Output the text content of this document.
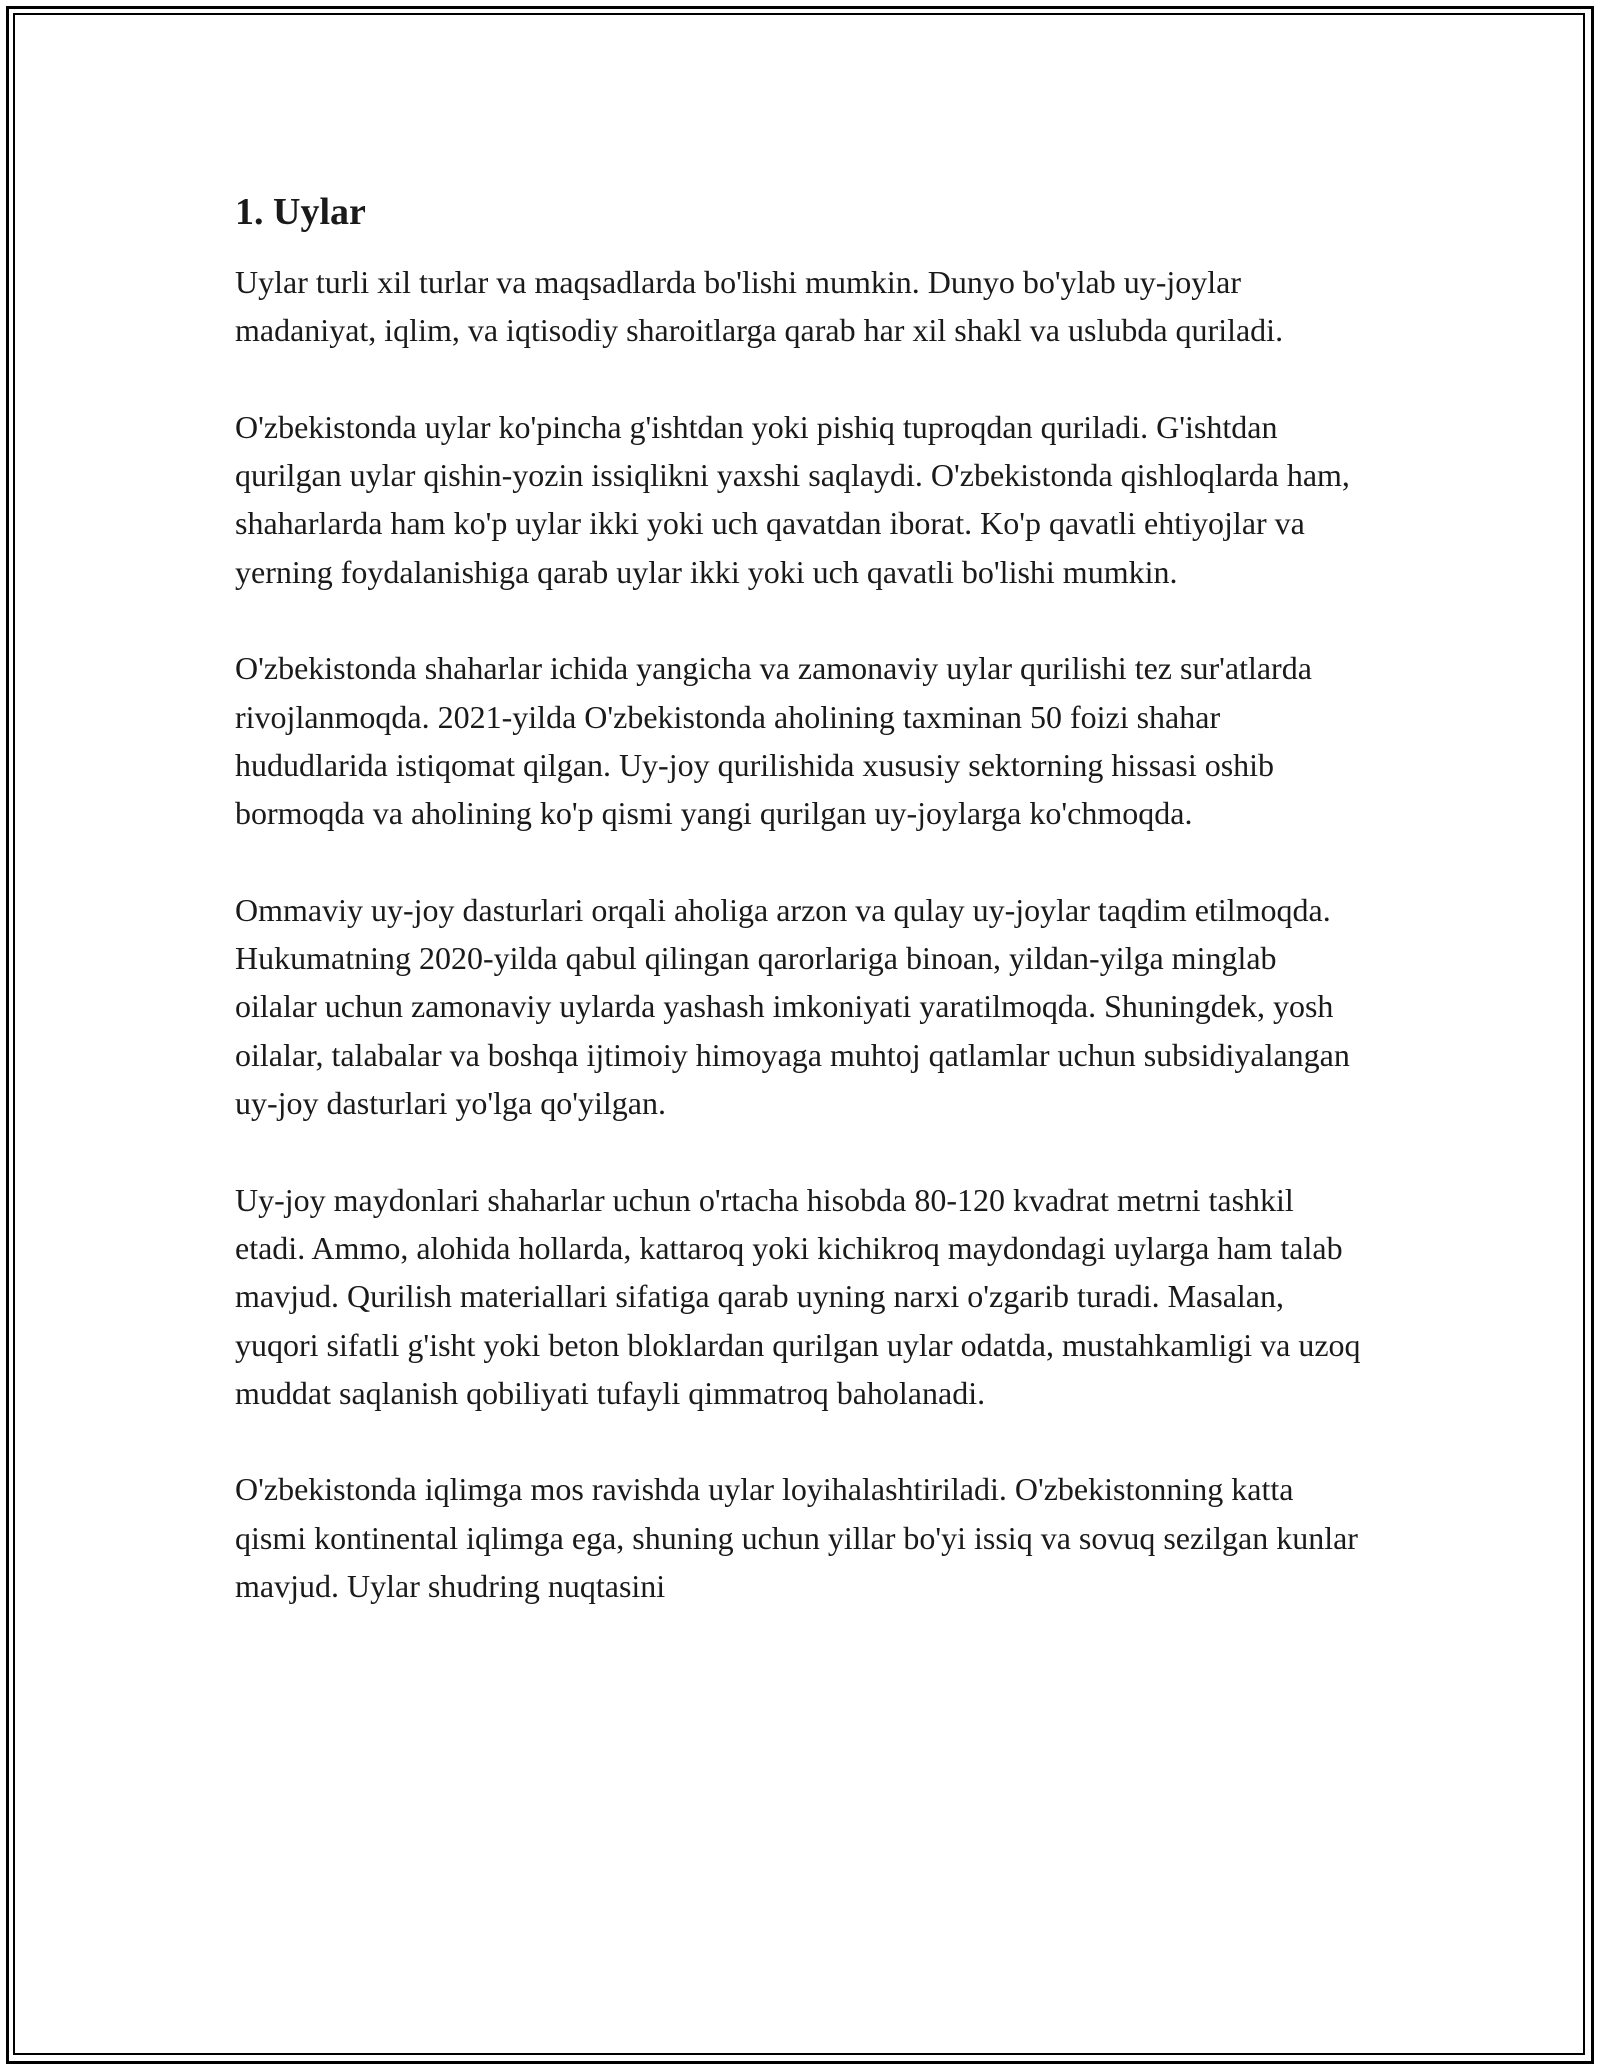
1. Uylar

Uylar turli xil turlar va maqsadlarda bo'lishi mumkin. Dunyo bo'ylab uy-joylar madaniyat, iqlim, va iqtisodiy sharoitlarga qarab har xil shakl va uslubda quriladi.

O'zbekistonda uylar ko'pincha g'ishtdan yoki pishiq tuproqdan quriladi. G'ishtdan qurilgan uylar qishin-yozin issiqlikni yaxshi saqlaydi. O'zbekistonda qishloqlarda ham, shaharlarda ham ko'p uylar ikki yoki uch qavatdan iborat. Ko'p qavatli ehtiyojlar va yerning foydalanishiga qarab uylar ikki yoki uch qavatli bo'lishi mumkin.

O'zbekistonda shaharlar ichida yangicha va zamonaviy uylar qurilishi tez sur'atlarda rivojlanmoqda. 2021-yilda O'zbekistonda aholining taxminan 50 foizi shahar hududlarida istiqomat qilgan. Uy-joy qurilishida xususiy sektorning hissasi oshib bormoqda va aholining ko'p qismi yangi qurilgan uy-joylarga ko'chmoqda.

Ommaviy uy-joy dasturlari orqali aholiga arzon va qulay uy-joylar taqdim etilmoqda. Hukumatning 2020-yilda qabul qilingan qarorlariga binoan, yildan-yilga minglab oilalar uchun zamonaviy uylarda yashash imkoniyati yaratilmoqda. Shuningdek, yosh oilalar, talabalar va boshqa ijtimoiy himoyaga muhtoj qatlamlar uchun subsidiyalangan uy-joy dasturlari yo'lga qo'yilgan.

Uy-joy maydonlari shaharlar uchun o'rtacha hisobda 80-120 kvadrat metrni tashkil etadi. Ammo, alohida hollarda, kattaroq yoki kichikroq maydondagi uylarga ham talab mavjud. Qurilish materiallari sifatiga qarab uyning narxi o'zgarib turadi. Masalan, yuqori sifatli g'isht yoki beton bloklardan qurilgan uylar odatda, mustahkamligi va uzoq muddat saqlanish qobiliyati tufayli qimmatroq baholanadi.

O'zbekistonda iqlimga mos ravishda uylar loyihalashtiriladi. O'zbekistonning katta qismi kontinental iqlimga ega, shuning uchun yillar bo'yi issiq va sovuq sezilgan kunlar mavjud. Uylar shudring nuqtasini
